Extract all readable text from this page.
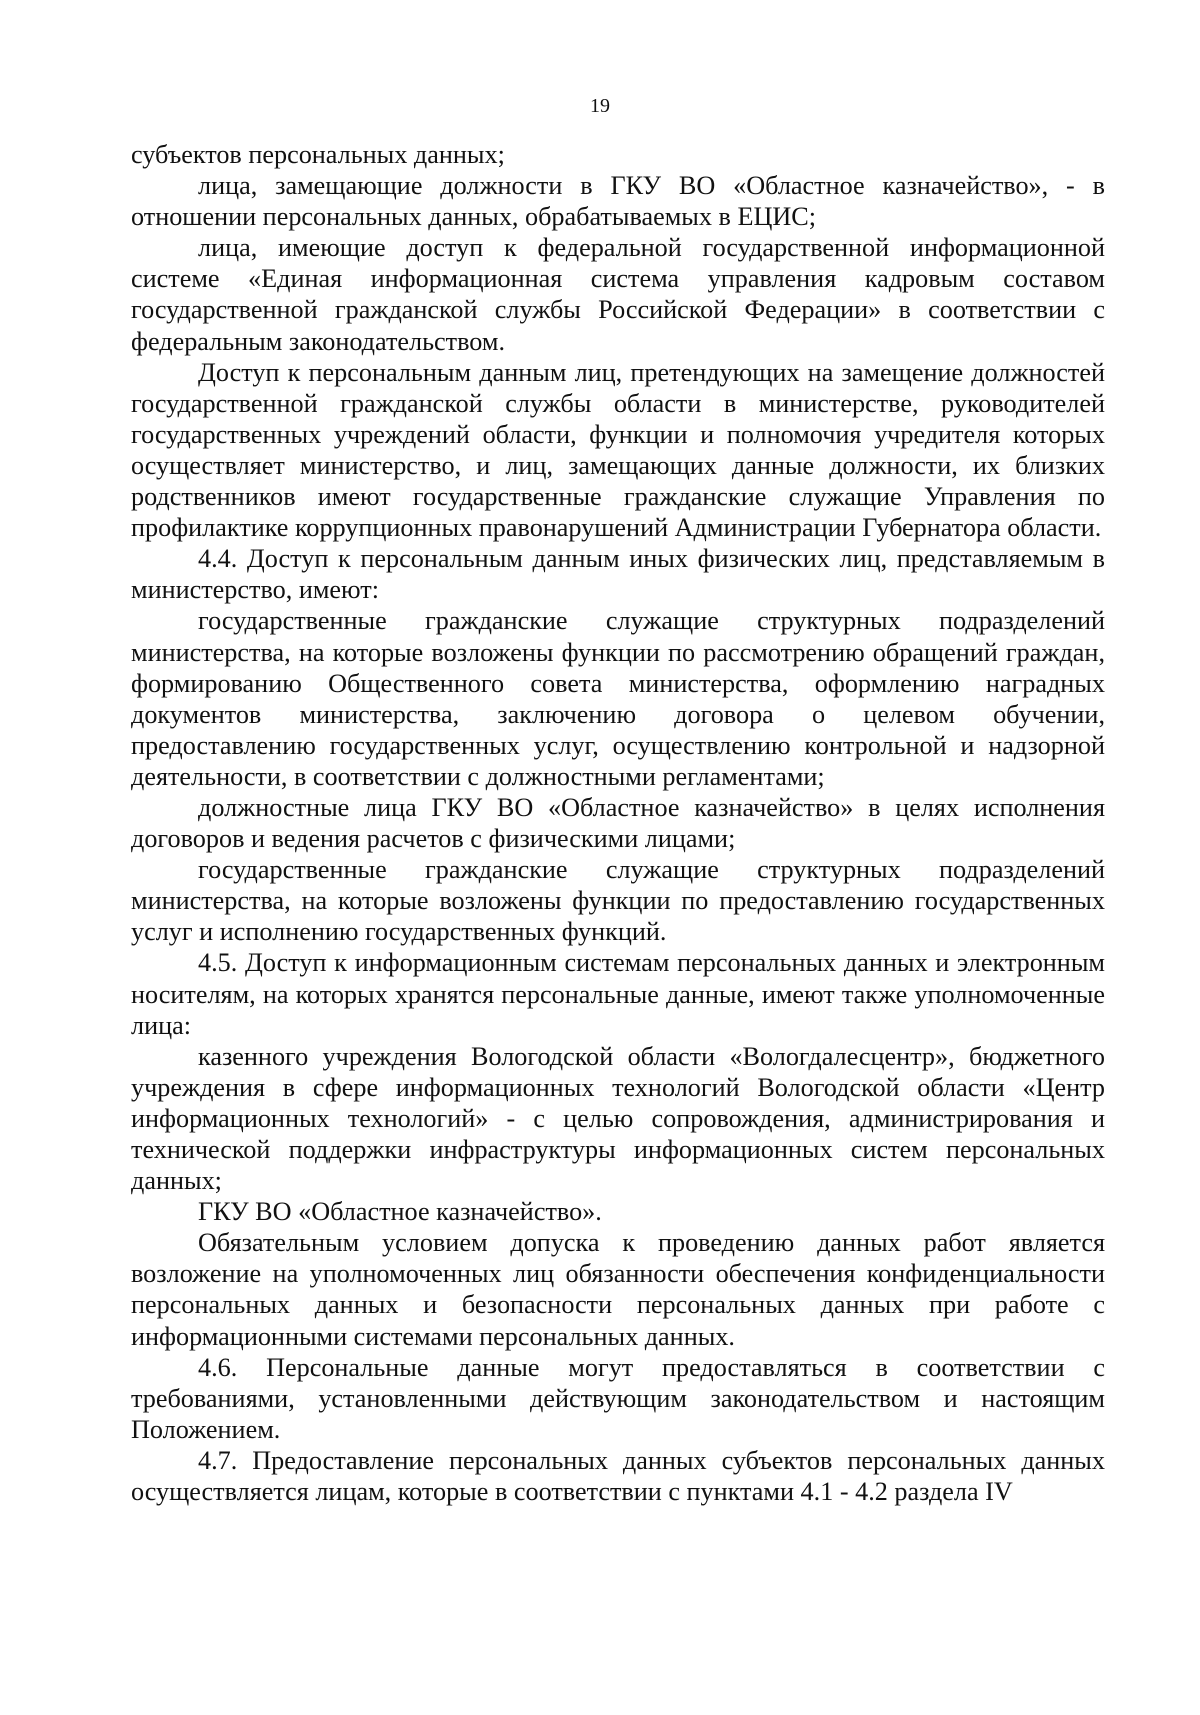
19

субъектов персональных данных;

лица, замещающие должности в ГКУ ВО «Областное казначейство», - в отношении персональных данных, обрабатываемых в ЕЦИС;

лица, имеющие доступ к федеральной государственной информационной системе «Единая информационная система управления кадровым составом государственной гражданской службы Российской Федерации» в соответствии с федеральным законодательством.

Доступ к персональным данным лиц, претендующих на замещение должностей государственной гражданской службы области в министерстве, руководителей государственных учреждений области, функции и полномочия учредителя которых осуществляет министерство, и лиц, замещающих данные должности, их близких родственников имеют государственные гражданские служащие Управления по профилактике коррупционных правонарушений Администрации Губернатора области.

4.4. Доступ к персональным данным иных физических лиц, представляемым в министерство, имеют:

государственные гражданские служащие структурных подразделений министерства, на которые возложены функции по рассмотрению обращений граждан, формированию Общественного совета министерства, оформлению наградных документов министерства, заключению договора о целевом обучении, предоставлению государственных услуг, осуществлению контрольной и надзорной деятельности, в соответствии с должностными регламентами;

должностные лица ГКУ ВО «Областное казначейство» в целях исполнения договоров и ведения расчетов с физическими лицами;

государственные гражданские служащие структурных подразделений министерства, на которые возложены функции по предоставлению государственных услуг и исполнению государственных функций.

4.5. Доступ к информационным системам персональных данных и электронным носителям, на которых хранятся персональные данные, имеют также уполномоченные лица:

казенного учреждения Вологодской области «Вологдалесцентр», бюджетного учреждения в сфере информационных технологий Вологодской области «Центр информационных технологий» - с целью сопровождения, администрирования и технической поддержки инфраструктуры информационных систем персональных данных;

ГКУ ВО «Областное казначейство».

Обязательным условием допуска к проведению данных работ является возложение на уполномоченных лиц обязанности обеспечения конфиденциальности персональных данных и безопасности персональных данных при работе с информационными системами персональных данных.

4.6. Персональные данные могут предоставляться в соответствии с требованиями, установленными действующим законодательством и настоящим Положением.

4.7. Предоставление персональных данных субъектов персональных данных осуществляется лицам, которые в соответствии с пунктами 4.1 - 4.2 раздела IV
